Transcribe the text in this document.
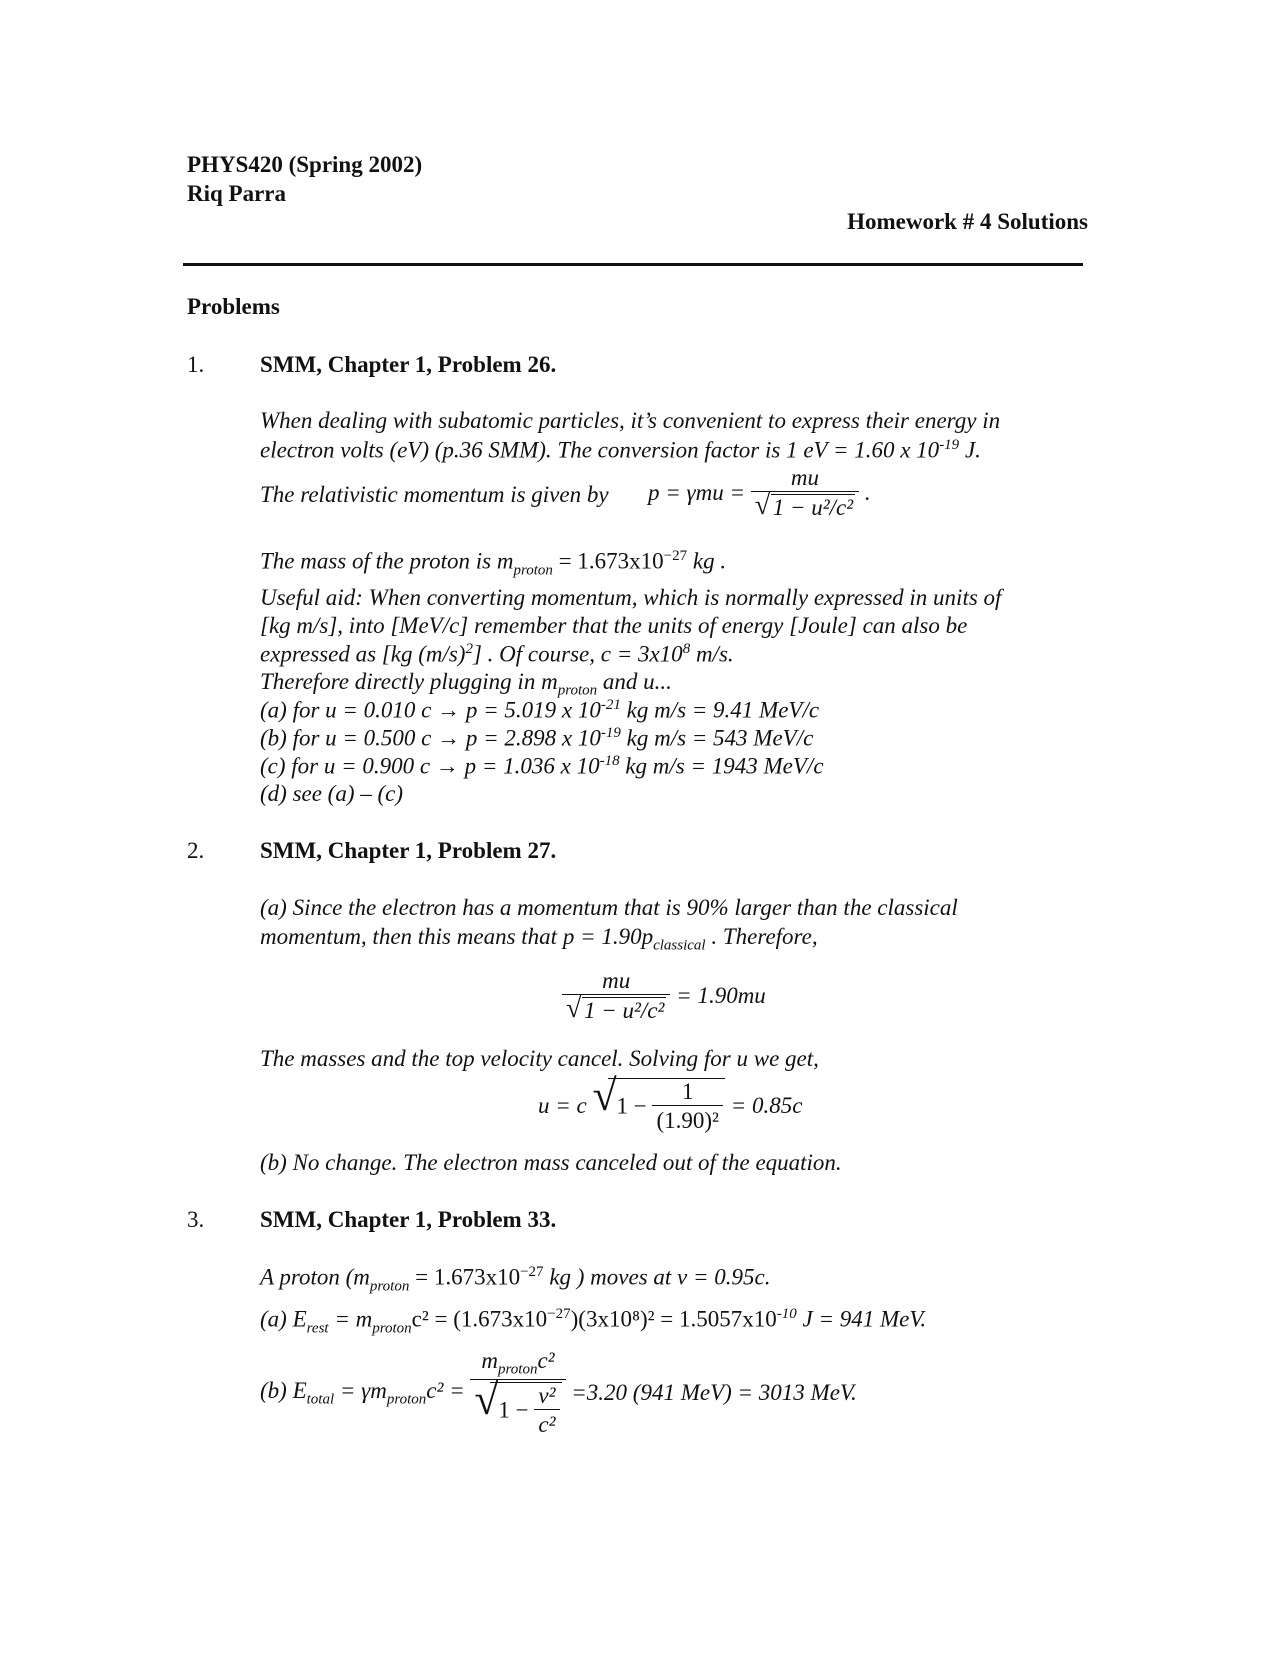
PHYS420 (Spring 2002)
Riq Parra
Homework # 4 Solutions
Problems
1. SMM, Chapter 1, Problem 26.
When dealing with subatomic particles, it’s convenient to express their energy in
electron volts (eV) (p.36 SMM). The conversion factor is 1 eV = 1.60 x $10^{-19}$ J.
The relativistic momentum is given by $p = \gamma mu = \frac{mu}{\text{√ 1 − u²/c²}}$ .
The mass of the proton is $m_{proton} = 1.673x10^{-27}$ kg .
Useful aid: When converting momentum, which is normally expressed in units of
[kg m/s], into [MeV/c] remember that the units of energy [Joule] can also be
expressed as [kg $(m/s)^2$] . Of course, $c = 3x10^8$ m/s.
Therefore directly plugging in $m_{proton}$ and u...
(a) for u = 0.010 c → p = 5.019 x $10^{-21}$ kg m/s = 9.41 MeV/c
(b) for u = 0.500 c → p = 2.898 x $10^{-19}$ kg m/s = 543 MeV/c
(c) for u = 0.900 c → p = 1.036 x $10^{-18}$ kg m/s = 1943 MeV/c
(d) see (a) – (c)
2. SMM, Chapter 1, Problem 27.
(a) Since the electron has a momentum that is 90% larger than the classical
momentum, then this means that $p = 1.90p_{classical}$ . Therefore,
$\frac{mu}{\text{√ 1 − u²/c²}} = 1.90mu$
The masses and the top velocity cancel. Solving for u we get,
u = c √ $1 - \frac{1}{\text{(1.90)²}} = 0.85c$
(b) No change. The electron mass canceled out of the equation.
3. SMM, Chapter 1, Problem 33.
A proton ($m_{proton} = 1.673x10^{-27}$ kg ) moves at v = 0.95c.
(a) $E_{rest} = m_{proton}c^2 = (1.673x10^{-27})(3x10^8)^2 = 1.5057x10^{-10}$ J = 941 MeV.
(b) $E_{total} = \gamma m_{proton}c^2 = \frac{m_{proton}c^2}{√ 1 - \frac{\text{v²}}{\text{c²}}} =3.20$ (941 MeV) = 3013 MeV.
